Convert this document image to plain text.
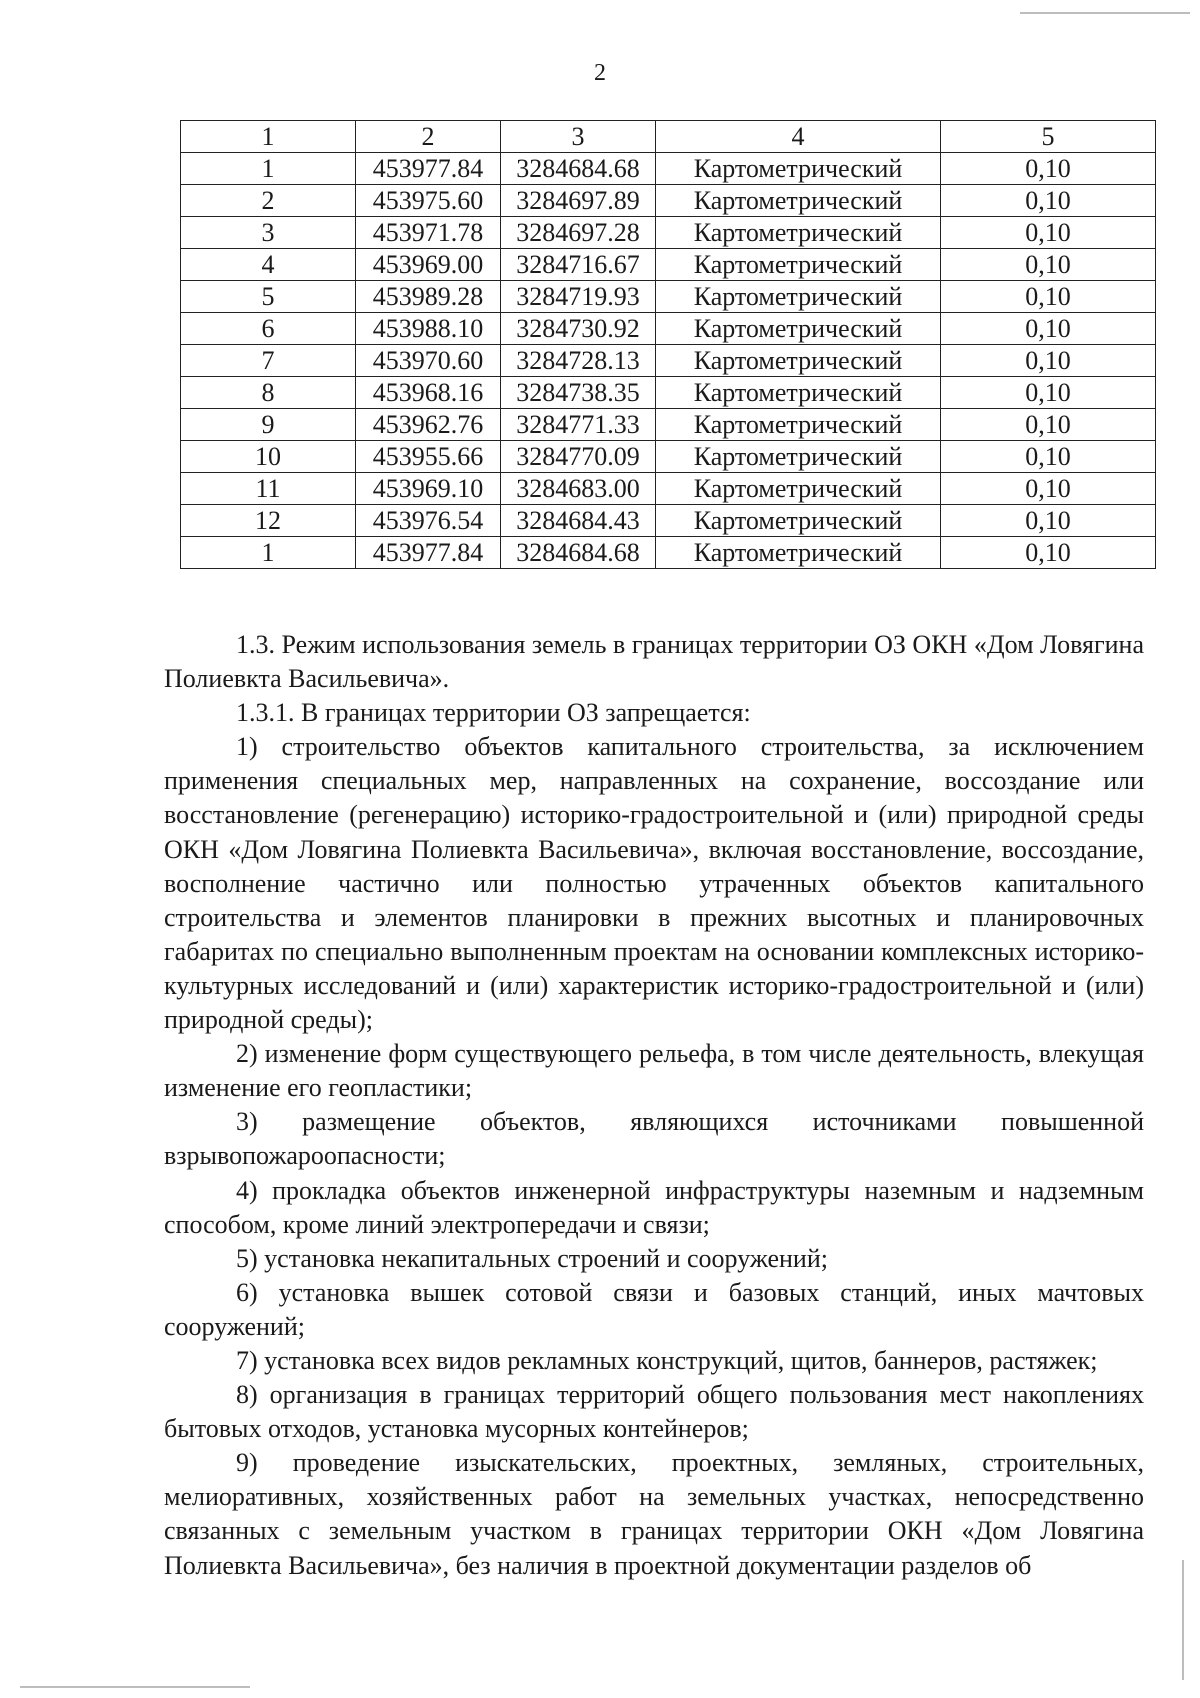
2
1	2	3	4	5
1	453977.84	3284684.68	Картометрический	0,10
2	453975.60	3284697.89	Картометрический	0,10
3	453971.78	3284697.28	Картометрический	0,10
4	453969.00	3284716.67	Картометрический	0,10
5	453989.28	3284719.93	Картометрический	0,10
6	453988.10	3284730.92	Картометрический	0,10
7	453970.60	3284728.13	Картометрический	0,10
8	453968.16	3284738.35	Картометрический	0,10
9	453962.76	3284771.33	Картометрический	0,10
10	453955.66	3284770.09	Картометрический	0,10
11	453969.10	3284683.00	Картометрический	0,10
12	453976.54	3284684.43	Картометрический	0,10
1	453977.84	3284684.68	Картометрический	0,10

1.3. Режим использования земель в границах территории ОЗ ОКН «Дом Ловягина Полиевкта Васильевича».

1.3.1. В границах территории ОЗ запрещается:

1) строительство объектов капитального строительства, за исключением применения специальных мер, направленных на сохранение, воссоздание или восстановление (регенерацию) историко-градостроительной и (или) природной среды ОКН «Дом Ловягина Полиевкта Васильевича», включая восстановление, воссоздание, восполнение частично или полностью утраченных объектов капитального строительства и элементов планировки в прежних высотных и планировочных габаритах по специально выполненным проектам на основании комплексных историко-культурных исследований и (или) характеристик историко-градостроительной и (или) природной среды);

2) изменение форм существующего рельефа, в том числе деятельность, влекущая изменение его геопластики;

3) размещение объектов, являющихся источниками повышенной взрывопожароопасности;

4) прокладка объектов инженерной инфраструктуры наземным и надземным способом, кроме линий электропередачи и связи;

5) установка некапитальных строений и сооружений;

6) установка вышек сотовой связи и базовых станций, иных мачтовых сооружений;

7) установка всех видов рекламных конструкций, щитов, баннеров, растяжек;

8) организация в границах территорий общего пользования мест накоплениях бытовых отходов, установка мусорных контейнеров;

9) проведение изыскательских, проектных, земляных, строительных, мелиоративных, хозяйственных работ на земельных участках, непосредственно связанных с земельным участком в границах территории ОКН «Дом Ловягина Полиевкта Васильевича», без наличия в проектной документации разделов об
